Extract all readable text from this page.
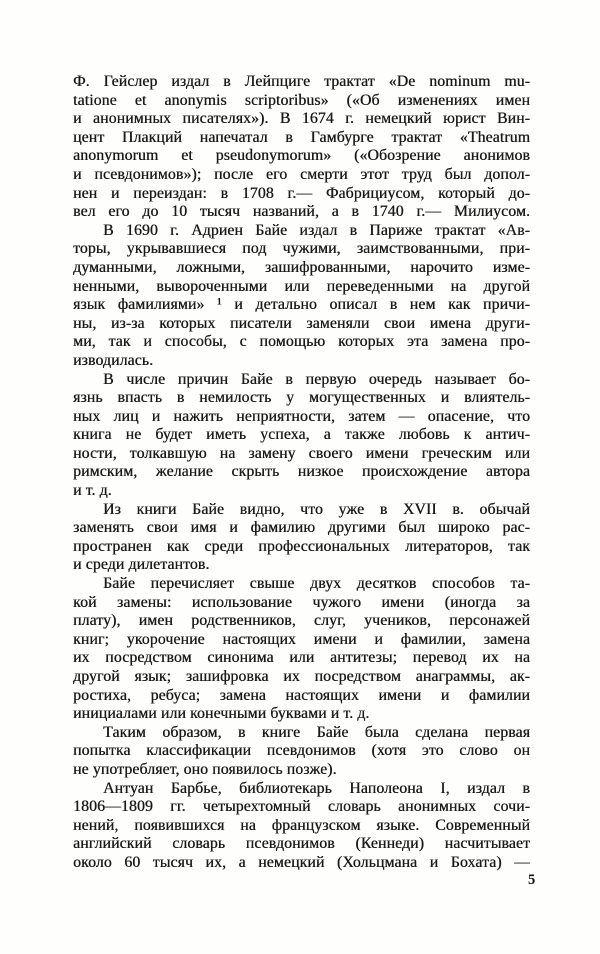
Ф. Гейслер издал в Лейпциге трактат «De nominum mu-
tatione et anonymis scriptoribus» («Об изменениях имен
и анонимных писателях»). В 1674 г. немецкий юрист Вин-
цент Плакций напечатал в Гамбурге трактат «Theatrum
anonymorum et pseudonymorum» («Обозрение анонимов
и псевдонимов»); после его смерти этот труд был допол-
нен и переиздан: в 1708 г.— Фабрициусом, который до-
вел его до 10 тысяч названий, а в 1740 г.— Милиусом.
В 1690 г. Адриен Байе издал в Париже трактат «Ав-
торы, укрывавшиеся под чужими, заимствованными, при-
думанными, ложными, зашифрованными, нарочито изме-
ненными, вывороченными или переведенными на другой
язык фамилиями» ¹ и детально описал в нем как причи-
ны, из-за которых писатели заменяли свои имена други-
ми, так и способы, с помощью которых эта замена про-
изводилась.
В числе причин Байе в первую очередь называет бо-
язнь впасть в немилость у могущественных и влиятель-
ных лиц и нажить неприятности, затем — опасение, что
книга не будет иметь успеха, а также любовь к антич-
ности, толкавшую на замену своего имени греческим или
римским, желание скрыть низкое происхождение автора
и т. д.
Из книги Байе видно, что уже в XVII в. обычай
заменять свои имя и фамилию другими был широко рас-
пространен как среди профессиональных литераторов, так
и среди дилетантов.
Байе перечисляет свыше двух десятков способов та-
кой замены: использование чужого имени (иногда за
плату), имен родственников, слуг, учеников, персонажей
книг; укорочение настоящих имени и фамилии, замена
их посредством синонима или антитезы; перевод их на
другой язык; зашифровка их посредством анаграммы, ак-
ростиха, ребуса; замена настоящих имени и фамилии
инициалами или конечными буквами и т. д.
Таким образом, в книге Байе была сделана первая
попытка классификации псевдонимов (хотя это слово он
не употребляет, оно появилось позже).
Антуан Барбье, библиотекарь Наполеона I, издал в
1806—1809 гг. четырехтомный словарь анонимных сочи-
нений, появившихся на французском языке. Современный
английский словарь псевдонимов (Кеннеди) насчитывает
около 60 тысяч их, а немецкий (Хольцмана и Бохата) —
5
